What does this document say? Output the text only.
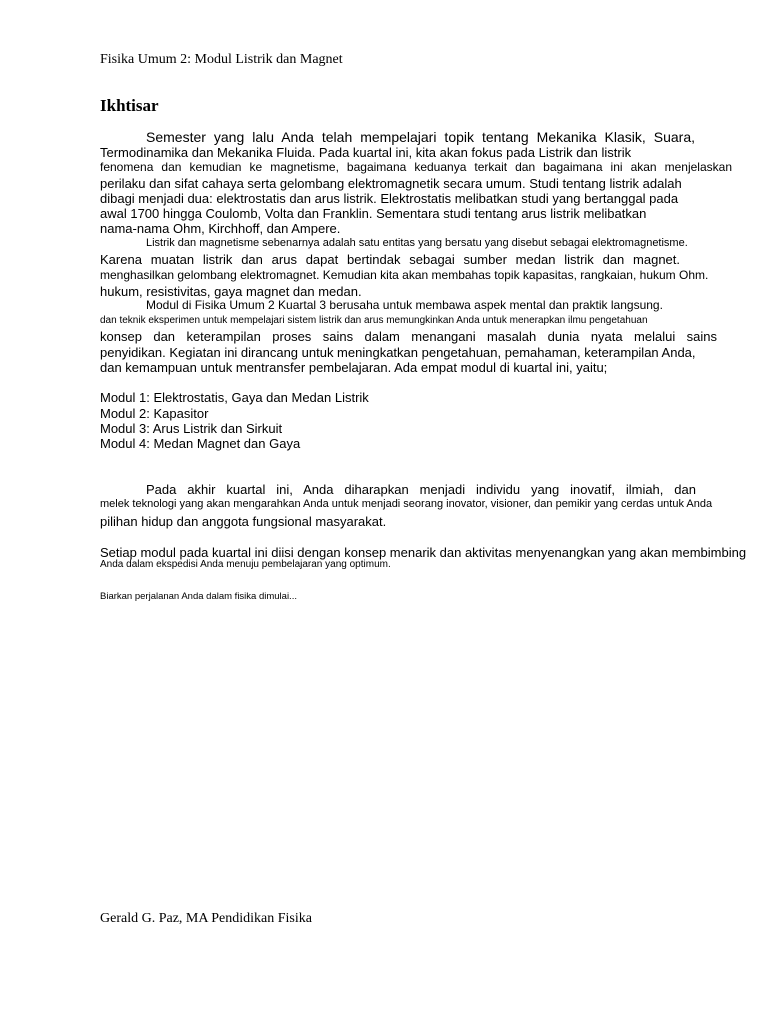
Fisika Umum 2: Modul Listrik dan Magnet
Ikhtisar
Semester yang lalu Anda telah mempelajari topik tentang Mekanika Klasik, Suara,
Termodinamika dan Mekanika Fluida. Pada kuartal ini, kita akan fokus pada Listrik dan listrik
fenomena dan kemudian ke magnetisme, bagaimana keduanya terkait dan bagaimana ini akan menjelaskan
perilaku dan sifat cahaya serta gelombang elektromagnetik secara umum. Studi tentang listrik adalah
dibagi menjadi dua: elektrostatis dan arus listrik. Elektrostatis melibatkan studi yang bertanggal pada
awal 1700 hingga Coulomb, Volta dan Franklin. Sementara studi tentang arus listrik melibatkan
nama-nama Ohm, Kirchhoff, dan Ampere.
Listrik dan magnetisme sebenarnya adalah satu entitas yang bersatu yang disebut sebagai elektromagnetisme.
Karena muatan listrik dan arus dapat bertindak sebagai sumber medan listrik dan magnet.
menghasilkan gelombang elektromagnet. Kemudian kita akan membahas topik kapasitas, rangkaian, hukum Ohm.
hukum, resistivitas, gaya magnet dan medan.
Modul di Fisika Umum 2 Kuartal 3 berusaha untuk membawa aspek mental dan praktik langsung.
dan teknik eksperimen untuk mempelajari sistem listrik dan arus memungkinkan Anda untuk menerapkan ilmu pengetahuan
konsep dan keterampilan proses sains dalam menangani masalah dunia nyata melalui sains
penyidikan. Kegiatan ini dirancang untuk meningkatkan pengetahuan, pemahaman, keterampilan Anda,
dan kemampuan untuk mentransfer pembelajaran. Ada empat modul di kuartal ini, yaitu;
Modul 1: Elektrostatis, Gaya dan Medan Listrik
Modul 2: Kapasitor
Modul 3: Arus Listrik dan Sirkuit
Modul 4: Medan Magnet dan Gaya
Pada akhir kuartal ini, Anda diharapkan menjadi individu yang inovatif, ilmiah, dan
melek teknologi yang akan mengarahkan Anda untuk menjadi seorang inovator, visioner, dan pemikir yang cerdas untuk Anda
pilihan hidup dan anggota fungsional masyarakat.
Setiap modul pada kuartal ini diisi dengan konsep menarik dan aktivitas menyenangkan yang akan membimbing
Anda dalam ekspedisi Anda menuju pembelajaran yang optimum.
Biarkan perjalanan Anda dalam fisika dimulai...
Gerald G. Paz, MA Pendidikan Fisika
